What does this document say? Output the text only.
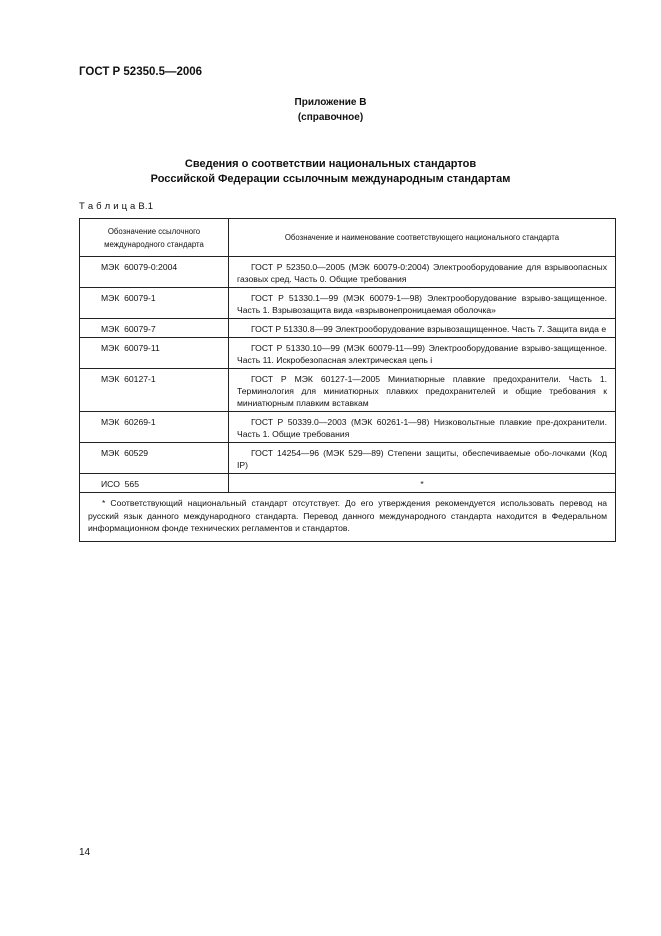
ГОСТ Р 52350.5—2006
Приложение В
(справочное)
Сведения о соответствии национальных стандартов
Российской Федерации ссылочным международным стандартам
Т а б л и ц а В.1
Обозначение ссылочного международного стандарта	Обозначение и наименование соответствующего национального стандарта
МЭК  60079-0:2004	ГОСТ Р 52350.0—2005 (МЭК 60079-0:2004) Электрооборудование для взрывоопасных газовых сред. Часть 0. Общие требования
МЭК  60079-1	ГОСТ Р 51330.1—99 (МЭК 60079-1—98) Электрооборудование взрыво-защищенное. Часть 1. Взрывозащита вида «взрывонепроницаемая оболочка»
МЭК  60079-7	ГОСТ Р 51330.8—99 Электрооборудование взрывозащищенное. Часть 7. Защита вида е
МЭК  60079-11	ГОСТ Р 51330.10—99 (МЭК 60079-11—99) Электрооборудование взрыво-защищенное. Часть 11. Искробезопасная электрическая цепь i
МЭК  60127-1	ГОСТ Р МЭК 60127-1—2005 Миниатюрные плавкие предохранители. Часть 1. Терминология для миниатюрных плавких предохранителей и общие требования к миниатюрным плавким вставкам
МЭК  60269-1	ГОСТ Р 50339.0—2003 (МЭК 60261-1—98) Низковольтные плавкие пре-дохранители. Часть 1. Общие требования
МЭК  60529	ГОСТ 14254—96 (МЭК 529—89) Степени защиты, обеспечиваемые обо-лочками (Код IP)
ИСО  565	*
* Соответствующий национальный стандарт отсутствует. До его утверждения рекомендуется использовать перевод на русский язык данного международного стандарта. Перевод данного международного стандарта находится в Федеральном информационном фонде технических регламентов и стандартов.	
14
